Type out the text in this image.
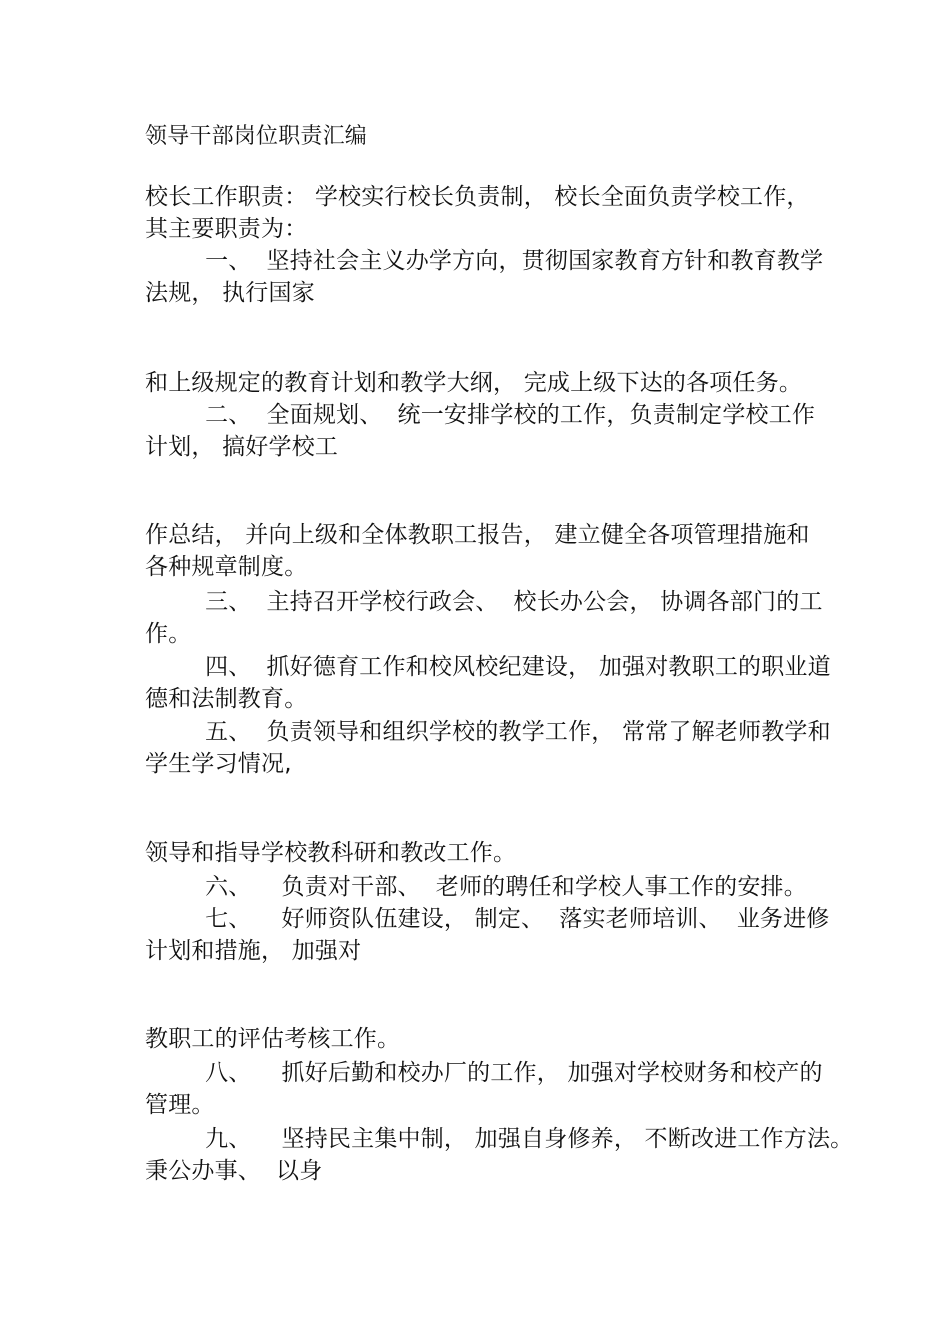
领导干部岗位职责汇编
校长工作职责： 学校实行校长负责制， 校长全面负责学校工作，
其主要职责为：
一、  坚持社会主义办学方向，贯彻国家教育方针和教育教学
法规， 执行国家
和上级规定的教育计划和教学大纲， 完成上级下达的各项任务。
二、  全面规划、  统一安排学校的工作，负责制定学校工作
计划， 搞好学校工
作总结， 并向上级和全体教职工报告， 建立健全各项管理措施和
各种规章制度。
三、  主持召开学校行政会、  校长办公会， 协调各部门的工
作。
四、  抓好德育工作和校风校纪建设， 加强对教职工的职业道
德和法制教育。
五、  负责领导和组织学校的教学工作， 常常了解老师教学和
学生学习情况,
领导和指导学校教科研和教改工作。
六、    负责对干部、  老师的聘任和学校人事工作的安排。
七、    好师资队伍建设， 制定、  落实老师培训、  业务进修
计划和措施， 加强对
教职工的评估考核工作。
八、    抓好后勤和校办厂的工作， 加强对学校财务和校产的
管理。
九、    坚持民主集中制， 加强自身修养， 不断改进工作方法。
秉公办事、  以身
